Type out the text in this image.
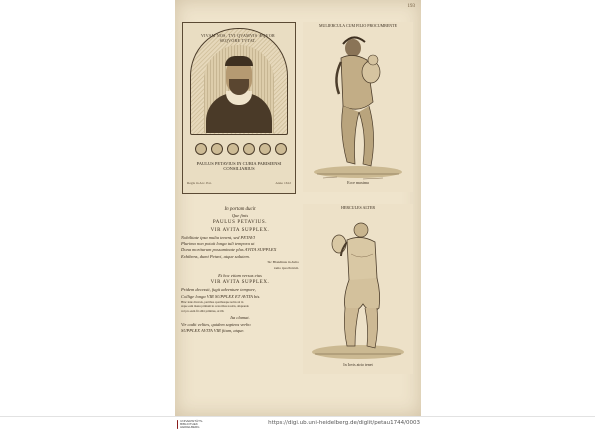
193
VIVAM NOS, TVI QVAMVIS ÆQVOR SEQVORE TVTAT.
PAULUS PETAVIUS IN CURIA PARISIENSI
CONSILIARIUS
Regis in Arc. Par.	Anno 1612
MULIERCULA CUM FILIO PROCUMBENTE
Ecce maxima
HERCULES ALTER
In Iovis atrio tenet

In portam ducit

Que finis

PAULUS PETAVIUS.

VIR AVITA SUPPLEX.

Nobilitate ipsa multa tenent, sed PETAVI

Plurima non potuit longa tuli tempora ut

Dona moriturum possuminate plus AVITA SUPPLEX

Exhibens, dumi Petavi, atque salutem.

Sic Blandinus in Avito

tomo ipsa Petavii.

Et hoc etiam versus eius

VIR AVITA SUPPLEX.

Pridem decessit, fugit adventure tempore,

Collige longa VIR SUPPLEX ET AVITA bis.

Hinc inde diversis, partibus operibusque nobis sit in

atque eam manu primum in oratoribus nostris, aliquando

vel pro eum fit alibi primitus, ut illi.

Ita clamat.

Vir cadit velites, quidem sapiens verbo

SUPPLEX AVITA VIR fitum, atque.

UNIVERSITÄTS-
BIBLIOTHEK
HEIDELBERG
https://digi.ub.uni-heidelberg.de/diglit/petau1744/0003
